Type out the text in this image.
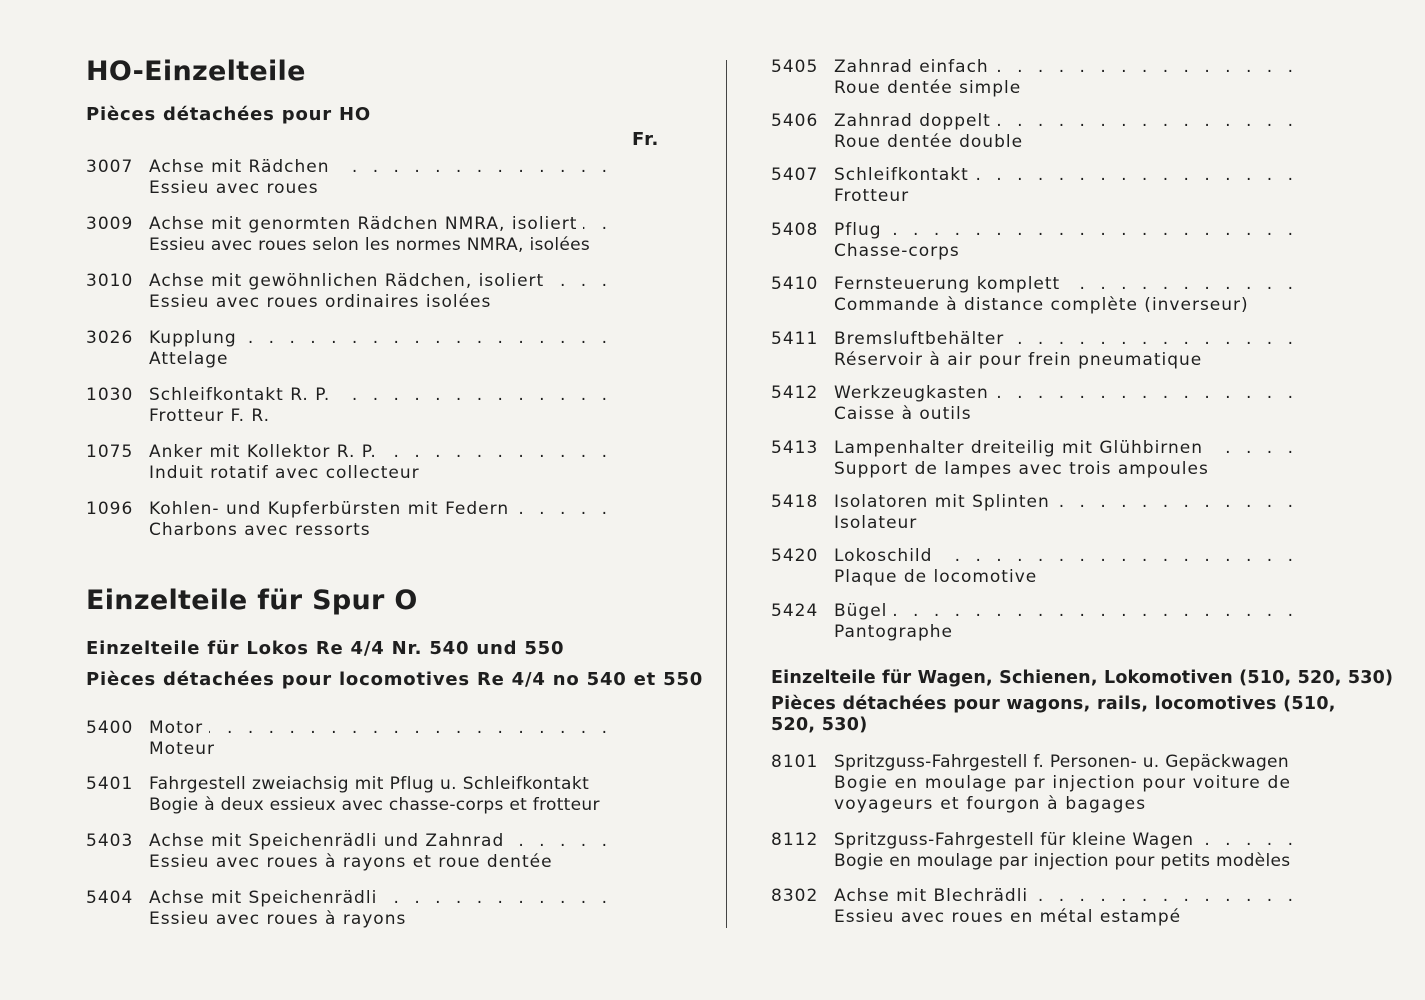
HO-Einzelteile
Pièces détachées pour HO
Fr.
3007 Achse mit Rädchen . . .
Essieu avec roues
3009 Achse mit genormten Rädchen NMRA, isoliert . . .
Essieu avec roues selon les normes NMRA, isolées
3010 Achse mit gewöhnlichen Rädchen, isoliert . . .
Essieu avec roues ordinaires isolées
3026 Kupplung . . .
Attelage
1030 Schleifkontakt R. P. . . .
Frotteur F. R.
1075 Anker mit Kollektor R. P. . . .
Induit rotatif avec collecteur
1096 Kohlen- und Kupferbürsten mit Federn . . .
Charbons avec ressorts
Einzelteile für Spur O
Einzelteile für Lokos Re 4/4 Nr. 540 und 550
Pièces détachées pour locomotives Re 4/4 no 540 et 550
5400 Motor . . .
Moteur
5401 Fahrgestell zweiachsig mit Pflug u. Schleifkontakt
Bogie à deux essieux avec chasse-corps et frotteur
5403 Achse mit Speichenrädli und Zahnrad . . .
Essieu avec roues à rayons et roue dentée
5404 Achse mit Speichenrädli . . .
Essieu avec roues à rayons
5405 Zahnrad einfach . . .
Roue dentée simple
5406 Zahnrad doppelt . . .
Roue dentée double
5407 Schleifkontakt . . .
Frotteur
5408 Pflug . . .
Chasse-corps
5410 Fernsteuerung komplett . . .
Commande à distance complète (inverseur)
5411 Bremsluftbehälter . . .
Réservoir à air pour frein pneumatique
5412 Werkzeugkasten . . .
Caisse à outils
5413 Lampenhalter dreiteilig mit Glühbirnen . . .
Support de lampes avec trois ampoules
5418 Isolatoren mit Splinten . . .
Isolateur
5420 Lokoschild . . .
Plaque de locomotive
5424 Bügel . . .
Pantographe
Einzelteile für Wagen, Schienen, Lokomotiven (510, 520, 530)
Pièces détachées pour wagons, rails, locomotives (510, 520, 530)
8101 Spritzguss-Fahrgestell f. Personen- u. Gepäckwagen
Bogie en moulage par injection pour voiture de voyageurs et fourgon à bagages
8112 Spritzguss-Fahrgestell für kleine Wagen . . .
Bogie en moulage par injection pour petits modèles
8302 Achse mit Blechrädli . . .
Essieu avec roues en métal estampé
